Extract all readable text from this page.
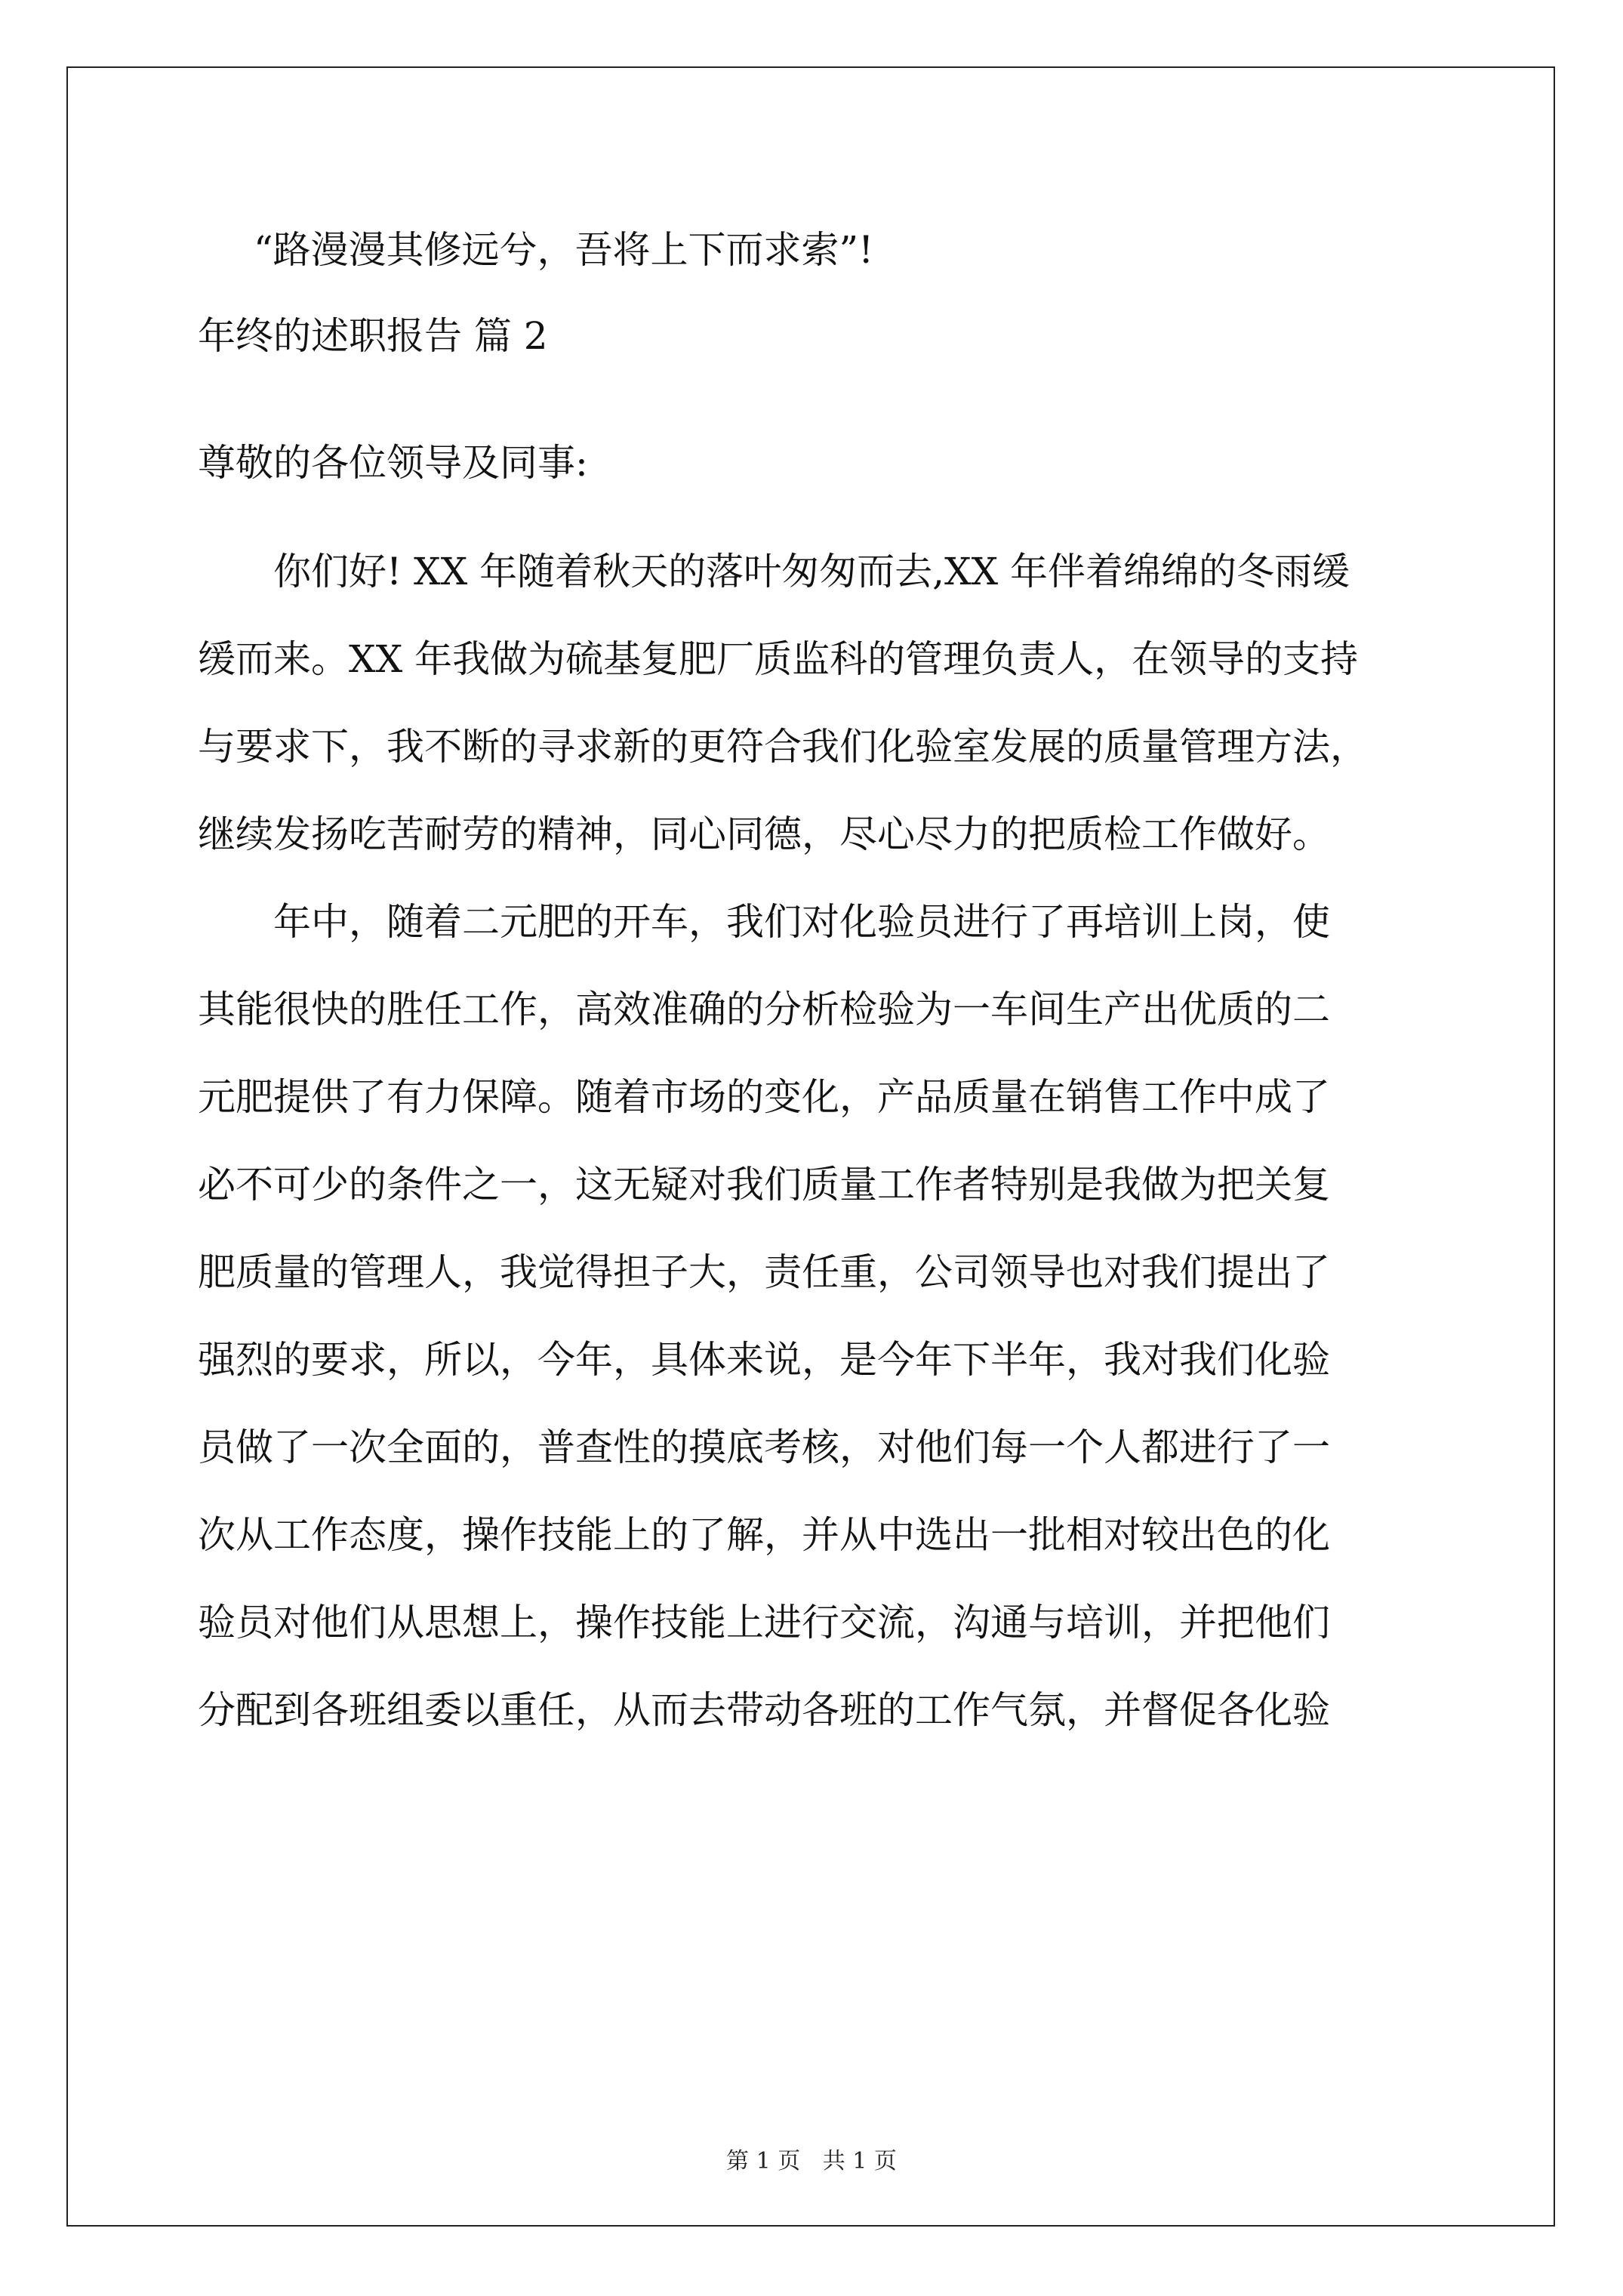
“路漫漫其修远兮，吾将上下而求索”!
年终的述职报告 篇 2
尊敬的各位领导及同事:
你们好! XX 年随着秋天的落叶匆匆而去,XX 年伴着绵绵的冬雨缓
缓而来。XX 年我做为硫基复肥厂质监科的管理负责人，在领导的支持
与要求下，我不断的寻求新的更符合我们化验室发展的质量管理方法，
继续发扬吃苦耐劳的精神，同心同德，尽心尽力的把质检工作做好。
年中，随着二元肥的开车，我们对化验员进行了再培训上岗，使
其能很快的胜任工作，高效准确的分析检验为一车间生产出优质的二
元肥提供了有力保障。随着市场的变化，产品质量在销售工作中成了
必不可少的条件之一，这无疑对我们质量工作者特别是我做为把关复
肥质量的管理人，我觉得担子大，责任重，公司领导也对我们提出了
强烈的要求，所以，今年，具体来说，是今年下半年，我对我们化验
员做了一次全面的，普查性的摸底考核，对他们每一个人都进行了一
次从工作态度，操作技能上的了解，并从中选出一批相对较出色的化
验员对他们从思想上，操作技能上进行交流，沟通与培训，并把他们
分配到各班组委以重任，从而去带动各班的工作气氛，并督促各化验
第 1 页 共 1 页
